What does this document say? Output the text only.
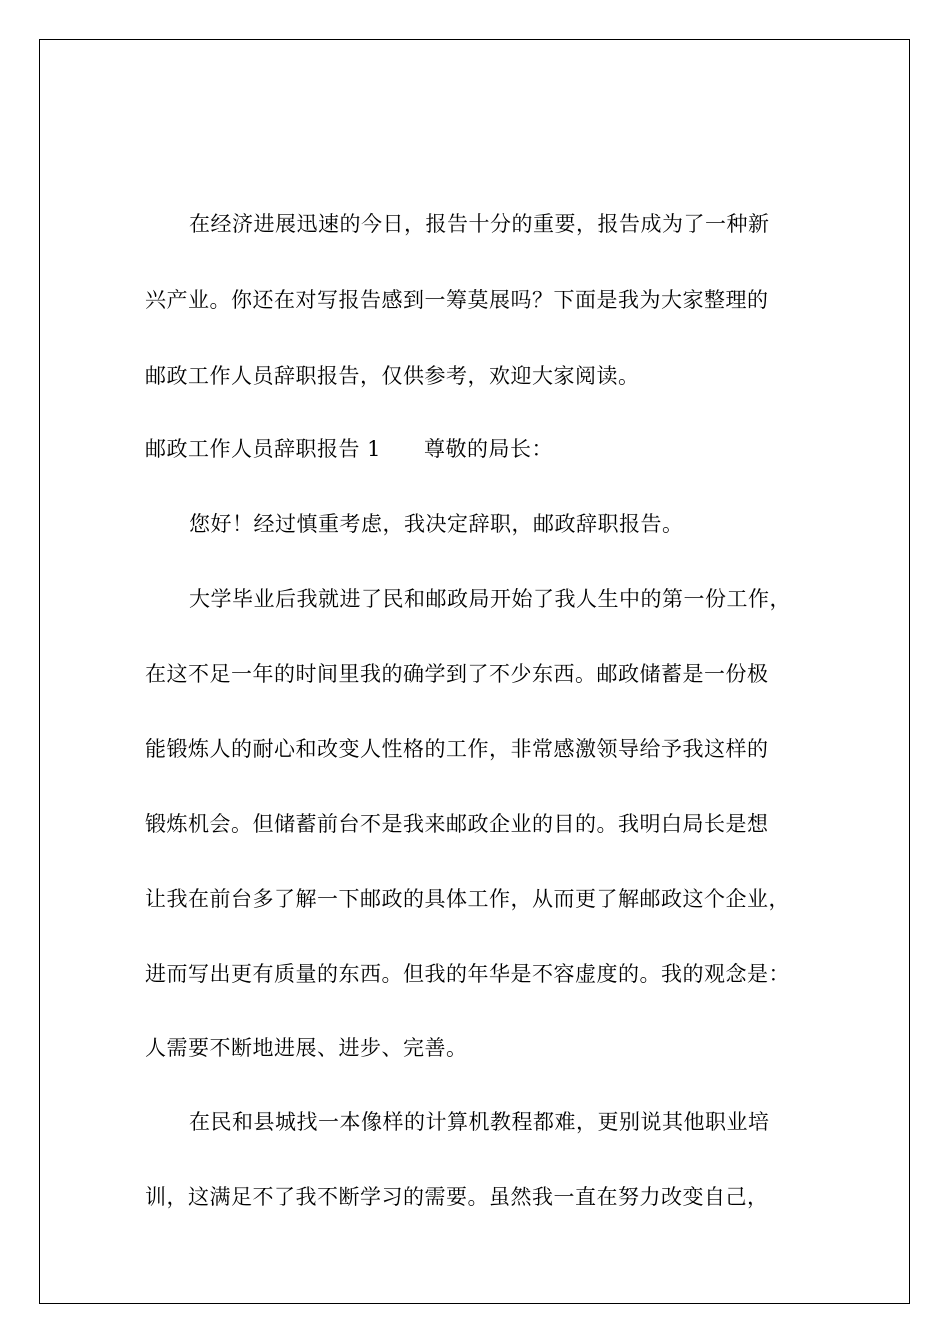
在经济进展迅速的今日，报告十分的重要，报告成为了一种新
兴产业。你还在对写报告感到一筹莫展吗？下面是我为大家整理的
邮政工作人员辞职报告，仅供参考，欢迎大家阅读。
邮政工作人员辞职报告 1　　尊敬的局长：
您好！经过慎重考虑，我决定辞职，邮政辞职报告。
大学毕业后我就进了民和邮政局开始了我人生中的第一份工作，
在这不足一年的时间里我的确学到了不少东西。邮政储蓄是一份极
能锻炼人的耐心和改变人性格的工作，非常感激领导给予我这样的
锻炼机会。但储蓄前台不是我来邮政企业的目的。我明白局长是想
让我在前台多了解一下邮政的具体工作，从而更了解邮政这个企业，
进而写出更有质量的东西。但我的年华是不容虚度的。我的观念是：
人需要不断地进展、进步、完善。
在民和县城找一本像样的计算机教程都难，更别说其他职业培
训，这满足不了我不断学习的需要。虽然我一直在努力改变自己，
